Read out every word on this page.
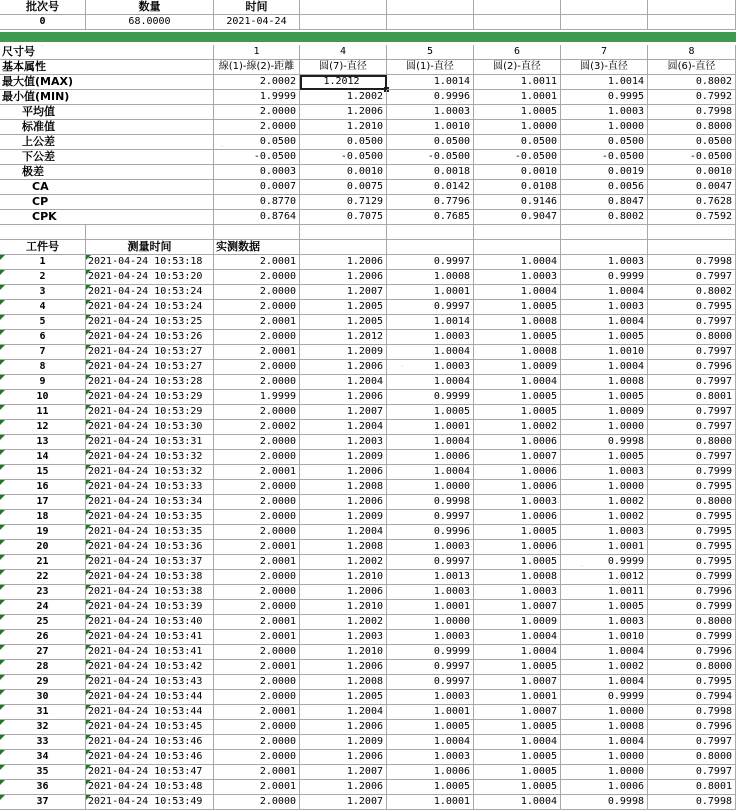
批次号	数量	时间
0	68.0000	2021-04-24
尺寸号	1	4	5	6	7	8
基本属性	線(1)-線(2)-距離	圆(7)-直径	圆(1)-直径	圆(2)-直径	圆(3)-直径	圆(6)-直径
最大值(MAX)	2.0002	1.2012	1.0014	1.0011	1.0014	0.8002
最小值(MIN)	1.9999	1.2002	0.9996	1.0001	0.9995	0.7992
平均值	2.0000	1.2006	1.0003	1.0005	1.0003	0.7998
标准值	2.0000	1.2010	1.0010	1.0000	1.0000	0.8000
上公差	0.0500	0.0500	0.0500	0.0500	0.0500	0.0500
下公差	-0.0500	-0.0500	-0.0500	-0.0500	-0.0500	-0.0500
极差	0.0003	0.0010	0.0018	0.0010	0.0019	0.0010
CA	0.0007	0.0075	0.0142	0.0108	0.0056	0.0047
CP	0.8770	0.7129	0.7796	0.9146	0.8047	0.7628
CPK	0.8764	0.7075	0.7685	0.9047	0.8002	0.7592
工件号	测量时间	实测数据
1	2021-04-24 10:53:18	2.0001	1.2006	0.9997	1.0004	1.0003	0.7998
2	2021-04-24 10:53:20	2.0000	1.2006	1.0008	1.0003	0.9999	0.7997
3	2021-04-24 10:53:24	2.0000	1.2007	1.0001	1.0004	1.0004	0.8002
4	2021-04-24 10:53:24	2.0000	1.2005	0.9997	1.0005	1.0003	0.7995
5	2021-04-24 10:53:25	2.0001	1.2005	1.0014	1.0008	1.0004	0.7997
6	2021-04-24 10:53:26	2.0000	1.2012	1.0003	1.0005	1.0005	0.8000
7	2021-04-24 10:53:27	2.0001	1.2009	1.0004	1.0008	1.0010	0.7997
8	2021-04-24 10:53:27	2.0000	1.2006	1.0003	1.0009	1.0004	0.7996
9	2021-04-24 10:53:28	2.0000	1.2004	1.0004	1.0004	1.0008	0.7997
10	2021-04-24 10:53:29	1.9999	1.2006	0.9999	1.0005	1.0005	0.8001
11	2021-04-24 10:53:29	2.0000	1.2007	1.0005	1.0005	1.0009	0.7997
12	2021-04-24 10:53:30	2.0002	1.2004	1.0001	1.0002	1.0000	0.7997
13	2021-04-24 10:53:31	2.0000	1.2003	1.0004	1.0006	0.9998	0.8000
14	2021-04-24 10:53:32	2.0000	1.2009	1.0006	1.0007	1.0005	0.7997
15	2021-04-24 10:53:32	2.0001	1.2006	1.0004	1.0006	1.0003	0.7999
16	2021-04-24 10:53:33	2.0000	1.2008	1.0000	1.0006	1.0000	0.7995
17	2021-04-24 10:53:34	2.0000	1.2006	0.9998	1.0003	1.0002	0.8000
18	2021-04-24 10:53:35	2.0000	1.2009	0.9997	1.0006	1.0002	0.7995
19	2021-04-24 10:53:35	2.0000	1.2004	0.9996	1.0005	1.0003	0.7995
20	2021-04-24 10:53:36	2.0001	1.2008	1.0003	1.0006	1.0001	0.7995
21	2021-04-24 10:53:37	2.0001	1.2002	0.9997	1.0005	0.9999	0.7995
22	2021-04-24 10:53:38	2.0000	1.2010	1.0013	1.0008	1.0012	0.7999
23	2021-04-24 10:53:38	2.0000	1.2006	1.0003	1.0003	1.0011	0.7996
24	2021-04-24 10:53:39	2.0000	1.2010	1.0001	1.0007	1.0005	0.7999
25	2021-04-24 10:53:40	2.0001	1.2002	1.0000	1.0009	1.0003	0.8000
26	2021-04-24 10:53:41	2.0001	1.2003	1.0003	1.0004	1.0010	0.7999
27	2021-04-24 10:53:41	2.0000	1.2010	0.9999	1.0004	1.0004	0.7996
28	2021-04-24 10:53:42	2.0001	1.2006	0.9997	1.0005	1.0002	0.8000
29	2021-04-24 10:53:43	2.0000	1.2008	0.9997	1.0007	1.0004	0.7995
30	2021-04-24 10:53:44	2.0000	1.2005	1.0003	1.0001	0.9999	0.7994
31	2021-04-24 10:53:44	2.0001	1.2004	1.0001	1.0007	1.0000	0.7998
32	2021-04-24 10:53:45	2.0000	1.2006	1.0005	1.0005	1.0008	0.7996
33	2021-04-24 10:53:46	2.0000	1.2009	1.0004	1.0004	1.0004	0.7997
34	2021-04-24 10:53:46	2.0000	1.2006	1.0003	1.0005	1.0000	0.8000
35	2021-04-24 10:53:47	2.0001	1.2007	1.0006	1.0005	1.0000	0.7997
36	2021-04-24 10:53:48	2.0001	1.2006	1.0005	1.0005	1.0006	0.8001
37	2021-04-24 10:53:49	2.0000	1.2007	1.0001	1.0004	0.9998	0.7998
·
·
·
·
